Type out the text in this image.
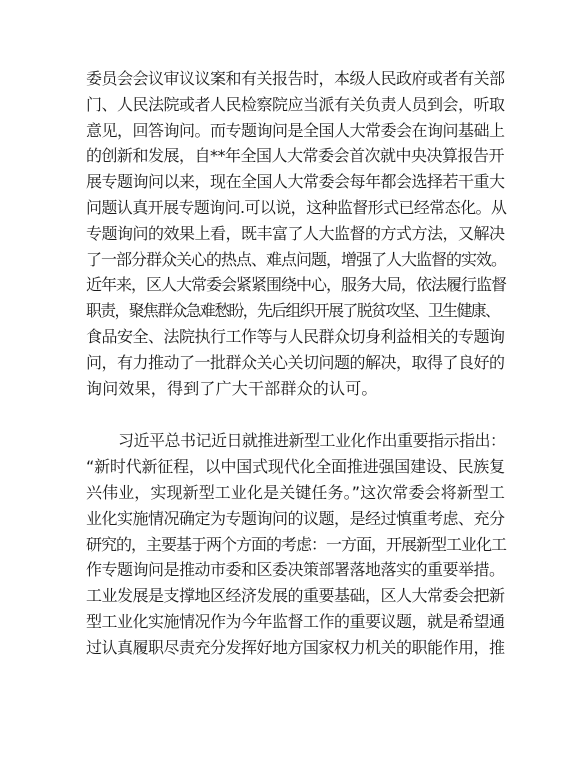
委员会会议审议议案和有关报告时，本级人民政府或者有关部
门、人民法院或者人民检察院应当派有关负责人员到会，听取
意见，回答询问。而专题询问是全国人大常委会在询问基础上
的创新和发展，自**年全国人大常委会首次就中央决算报告开
展专题询问以来，现在全国人大常委会每年都会选择若干重大
问题认真开展专题询问.可以说，这种监督形式已经常态化。从
专题询问的效果上看，既丰富了人大监督的方式方法，又解决
了一部分群众关心的热点、难点问题，增强了人大监督的实效。
近年来，区人大常委会紧紧围绕中心，服务大局，依法履行监督
职责，聚焦群众急难愁盼，先后组织开展了脱贫攻坚、卫生健康、
食品安全、法院执行工作等与人民群众切身利益相关的专题询
问，有力推动了一批群众关心关切问题的解决，取得了良好的
询问效果，得到了广大干部群众的认可。
习近平总书记近日就推进新型工业化作出重要指示指出：
“新时代新征程，以中国式现代化全面推进强国建设、民族复
兴伟业，实现新型工业化是关键任务。”这次常委会将新型工
业化实施情况确定为专题询问的议题，是经过慎重考虑、充分
研究的，主要基于两个方面的考虑：一方面，开展新型工业化工
作专题询问是推动市委和区委决策部署落地落实的重要举措。
工业发展是支撑地区经济发展的重要基础，区人大常委会把新
型工业化实施情况作为今年监督工作的重要议题，就是希望通
过认真履职尽责充分发挥好地方国家权力机关的职能作用，推
